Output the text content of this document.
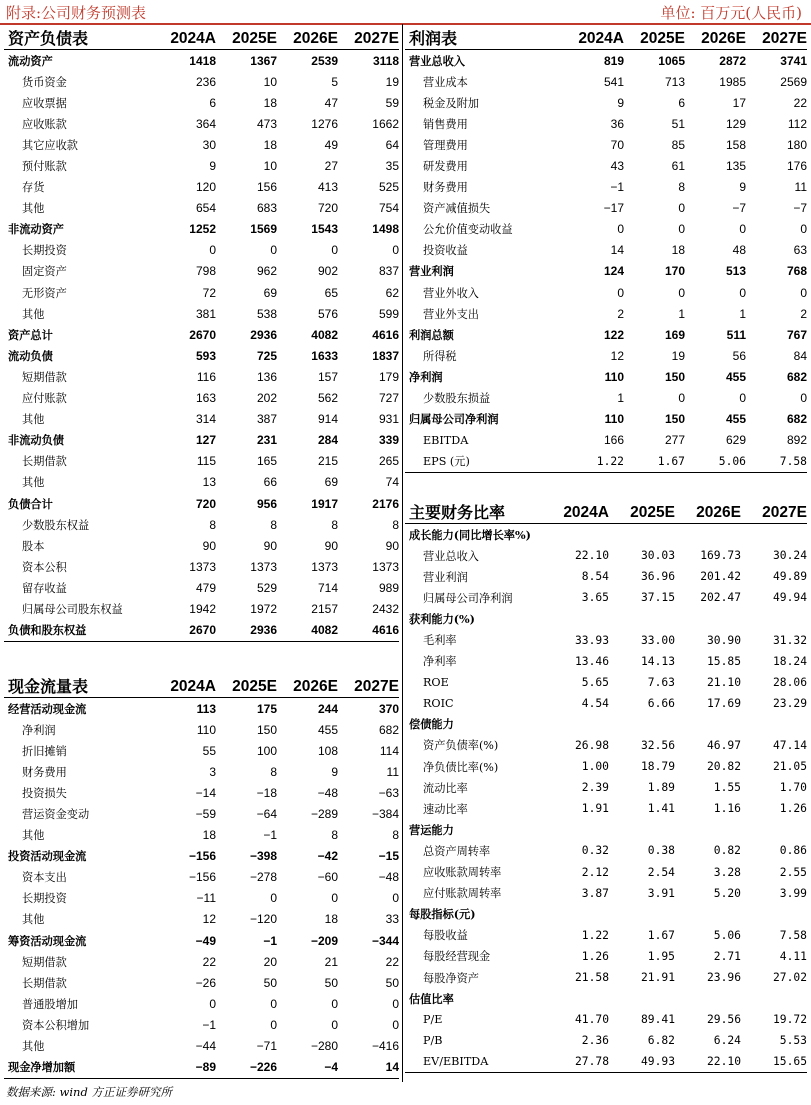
附录:公司财务预测表	单位: 百万元(人民币)
资产负债表	2024A	2025E	2026E	2027E
流动资产	1418	1367	2539	3118
货币资金	236	10	5	19
应收票据	6	18	47	59
应收账款	364	473	1276	1662
其它应收款	30	18	49	64
预付账款	9	10	27	35
存货	120	156	413	525
其他	654	683	720	754
非流动资产	1252	1569	1543	1498
长期投资	0	0	0	0
固定资产	798	962	902	837
无形资产	72	69	65	62
其他	381	538	576	599
资产总计	2670	2936	4082	4616
流动负债	593	725	1633	1837
短期借款	116	136	157	179
应付账款	163	202	562	727
其他	314	387	914	931
非流动负债	127	231	284	339
长期借款	115	165	215	265
其他	13	66	69	74
负债合计	720	956	1917	2176
少数股东权益	8	8	8	8
股本	90	90	90	90
资本公积	1373	1373	1373	1373
留存收益	479	529	714	989
归属母公司股东权益	1942	1972	2157	2432
负债和股东权益	2670	2936	4082	4616
利润表	2024A	2025E	2026E	2027E
营业总收入	819	1065	2872	3741
营业成本	541	713	1985	2569
税金及附加	9	6	17	22
销售费用	36	51	129	112
管理费用	70	85	158	180
研发费用	43	61	135	176
财务费用	−1	8	9	11
资产减值损失	−17	0	−7	−7
公允价值变动收益	0	0	0	0
投资收益	14	18	48	63
营业利润	124	170	513	768
营业外收入	0	0	0	0
营业外支出	2	1	1	2
利润总额	122	169	511	767
所得税	12	19	56	84
净利润	110	150	455	682
少数股东损益	1	0	0	0
归属母公司净利润	110	150	455	682
EBITDA	166	277	629	892
EPS (元)	1.22	1.67	5.06	7.58
主要财务比率	2024A	2025E	2026E	2027E
成长能力(同比增长率%)
营业总收入	22.10	30.03	169.73	30.24
营业利润	8.54	36.96	201.42	49.89
归属母公司净利润	3.65	37.15	202.47	49.94
获利能力(%)
毛利率	33.93	33.00	30.90	31.32
净利率	13.46	14.13	15.85	18.24
ROE	5.65	7.63	21.10	28.06
ROIC	4.54	6.66	17.69	23.29
偿债能力
资产负债率(%)	26.98	32.56	46.97	47.14
净负债比率(%)	1.00	18.79	20.82	21.05
流动比率	2.39	1.89	1.55	1.70
速动比率	1.91	1.41	1.16	1.26
营运能力
总资产周转率	0.32	0.38	0.82	0.86
应收账款周转率	2.12	2.54	3.28	2.55
应付账款周转率	3.87	3.91	5.20	3.99
每股指标(元)
每股收益	1.22	1.67	5.06	7.58
每股经营现金	1.26	1.95	2.71	4.11
每股净资产	21.58	21.91	23.96	27.02
估值比率
P/E	41.70	89.41	29.56	19.72
P/B	2.36	6.82	6.24	5.53
EV/EBITDA	27.78	49.93	22.10	15.65
现金流量表	2024A	2025E	2026E	2027E
经营活动现金流	113	175	244	370
净利润	110	150	455	682
折旧摊销	55	100	108	114
财务费用	3	8	9	11
投资损失	−14	−18	−48	−63
营运资金变动	−59	−64	−289	−384
其他	18	−1	8	8
投资活动现金流	−156	−398	−42	−15
资本支出	−156	−278	−60	−48
长期投资	−11	0	0	0
其他	12	−120	18	33
筹资活动现金流	−49	−1	−209	−344
短期借款	22	20	21	22
长期借款	−26	50	50	50
普通股增加	0	0	0	0
资本公积增加	−1	0	0	0
其他	−44	−71	−280	−416
现金净增加额	−89	−226	−4	14
数据来源: wind 方正证券研究所
